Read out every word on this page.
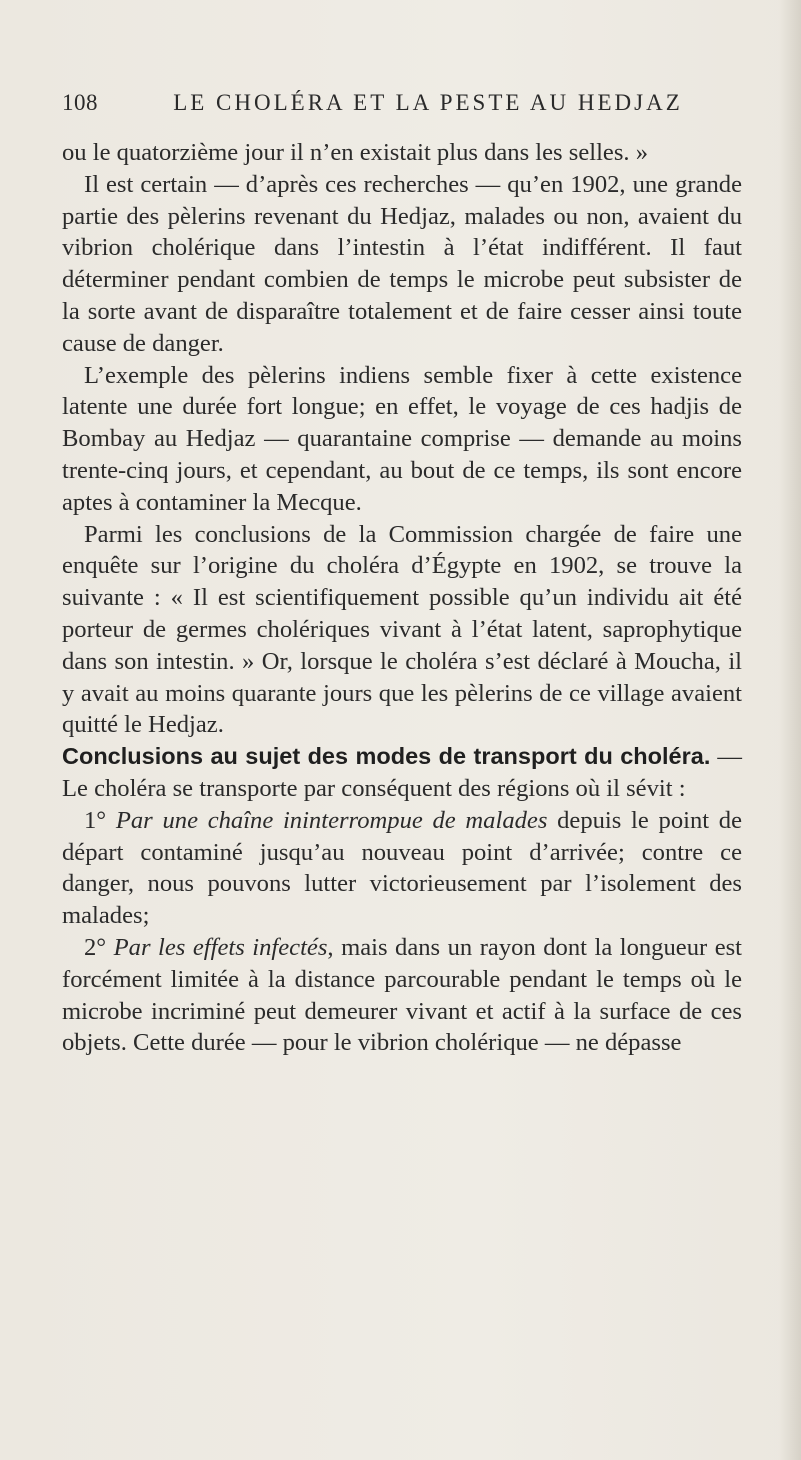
108	LE CHOLÉRA ET LA PESTE AU HEDJAZ

ou le quatorzième jour il n’en existait plus dans les selles. »

Il est certain — d’après ces recherches — qu’en 1902, une grande partie des pèlerins revenant du Hedjaz, malades ou non, avaient du vibrion cholérique dans l’intestin à l’état indifférent. Il faut déterminer pendant combien de temps le microbe peut subsister de la sorte avant de disparaître totalement et de faire cesser ainsi toute cause de danger.

L’exemple des pèlerins indiens semble fixer à cette existence latente une durée fort longue; en effet, le voyage de ces hadjis de Bombay au Hedjaz — quarantaine comprise — demande au moins trente-cinq jours, et cependant, au bout de ce temps, ils sont encore aptes à contaminer la Mecque.

Parmi les conclusions de la Commission chargée de faire une enquête sur l’origine du choléra d’Égypte en 1902, se trouve la suivante : « Il est scientifiquement possible qu’un individu ait été porteur de germes cholériques vivant à l’état latent, saprophytique dans son intestin. » Or, lorsque le choléra s’est déclaré à Moucha, il y avait au moins quarante jours que les pèlerins de ce village avaient quitté le Hedjaz.

Conclusions au sujet des modes de transport du choléra. — Le choléra se transporte par conséquent des régions où il sévit :

1° Par une chaîne ininterrompue de malades depuis le point de départ contaminé jusqu’au nouveau point d’arrivée; contre ce danger, nous pouvons lutter victorieusement par l’isolement des malades;

2° Par les effets infectés, mais dans un rayon dont la longueur est forcément limitée à la distance parcourable pendant le temps où le microbe incriminé peut demeurer vivant et actif à la surface de ces objets. Cette durée — pour le vibrion cholérique — ne dépasse
